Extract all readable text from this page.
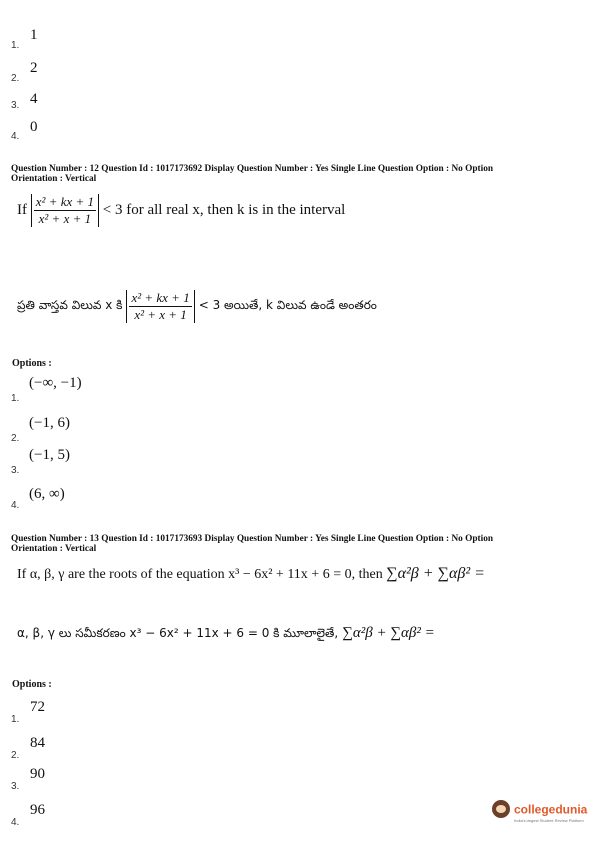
1.
1
2.
2
3. 4
4.
0
Question Number : 12 Question Id : 1017173692 Display Question Number : Yes Single Line Question Option : No Option
Orientation : Vertical
If $\frac{\text{x² + kx + 1}}{\text{x² + x + 1}} < 3$ for all real x, then k is in the interval
ప్రతి వాస్తవ విలువ x కి $\frac{\text{x² + kx + 1}}{\text{x² + x + 1}} < 3$ అయితే, k విలువ ఉండే అంతరం
Options :
(−∞, −1)
1.
(−1, 6)
2.
(−1, 5)
3.
(6, ∞)
4.
Question Number : 13 Question Id : 1017173693 Display Question Number : Yes Single Line Question Option : No Option
Orientation : Vertical
If α, β, γ are the roots of the equation x³ − 6x² + 11x + 6 = 0, then ∑α²β + ∑αβ² =
α, β, γ లు సమీకరణం x³ − 6x² + 11x + 6 = 0 కి మూలాలైతే, ∑α²β + ∑αβ² =
Options :
72
1.
84
2.
90
3.
96
4.
collegedunia
India's largest Student Review Platform
